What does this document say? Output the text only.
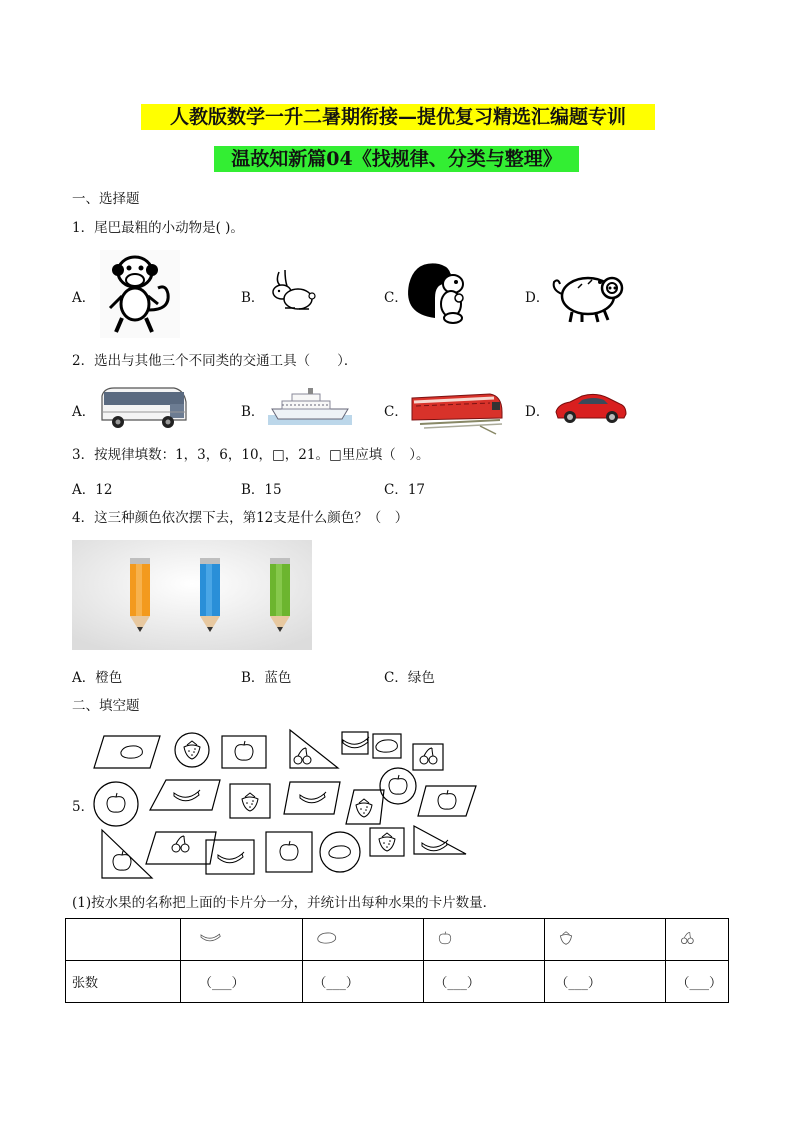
人教版数学一升二暑期衔接—提优复习精选汇编题专训
温故知新篇04《找规律、分类与整理》
一、选择题
1．尾巴最粗的小动物是( )。
A．	B．	C．	D．
2．选出与其他三个不同类的交通工具（　　）．
A．	B．	C．	D．
3．按规律填数：1，3，6，10，□，21。□里应填（　）。
A．12	B．15	C．17
4．这三种颜色依次摆下去，第12支是什么颜色？（　）
A．橙色	B．蓝色	C．绿色
二、填空题
5．
(1)按水果的名称把上面的卡片分一分，并统计出每种水果的卡片数量．

张数	（___）	（___）	（___）	（___）	（___）
